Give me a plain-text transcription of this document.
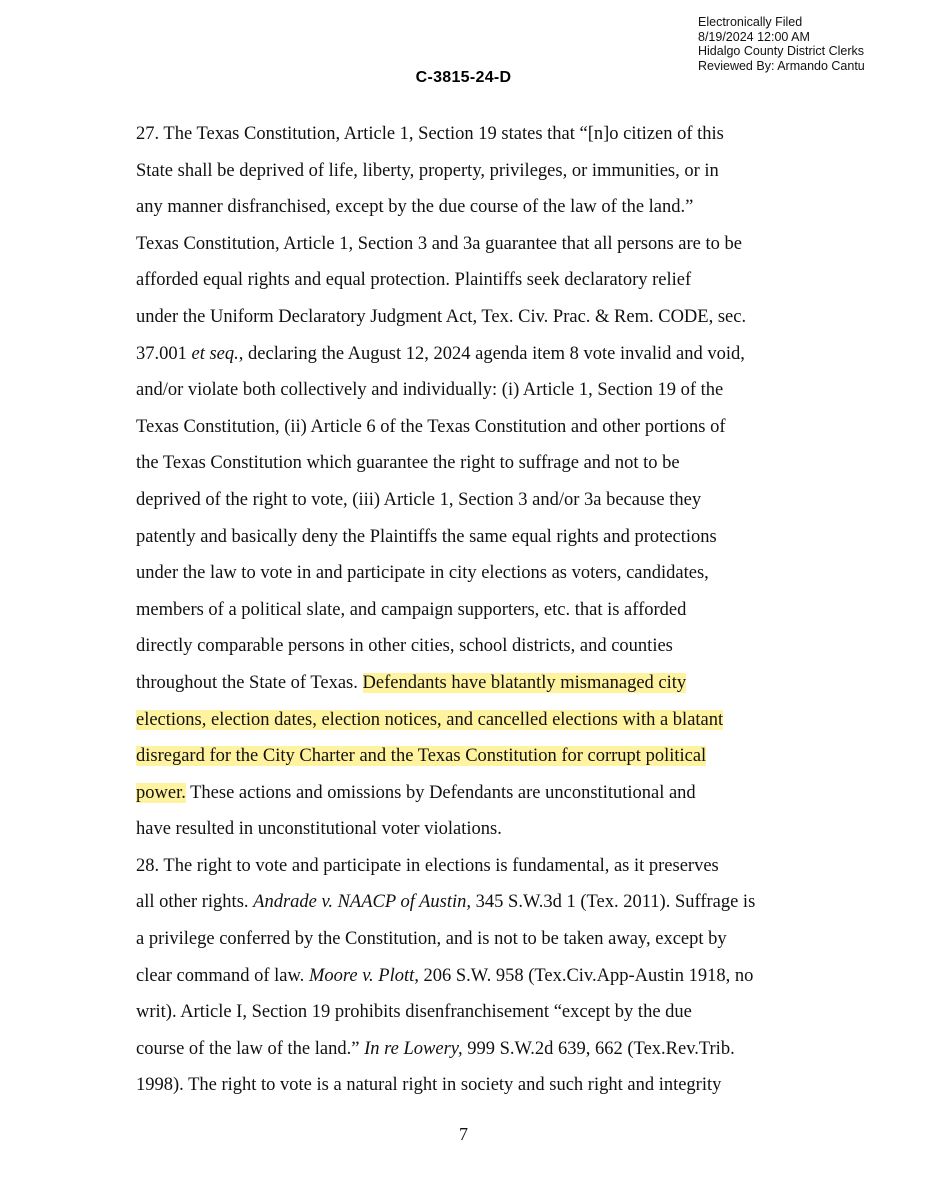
Electronically Filed
8/19/2024 12:00 AM
Hidalgo County District Clerks
Reviewed By: Armando Cantu
C-3815-24-D
27. The Texas Constitution, Article 1, Section 19 states that “[n]o citizen of this
State shall be deprived of life, liberty, property, privileges, or immunities, or in
any manner disfranchised, except by the due course of the law of the land.”
Texas Constitution, Article 1, Section 3 and 3a guarantee that all persons are to be
afforded equal rights and equal protection. Plaintiffs seek declaratory relief
under the Uniform Declaratory Judgment Act, Tex. Civ. Prac. & Rem. CODE, sec.
37.001 et seq., declaring the August 12, 2024 agenda item 8 vote invalid and void,
and/or violate both collectively and individually: (i) Article 1, Section 19 of the
Texas Constitution, (ii) Article 6 of the Texas Constitution and other portions of
the Texas Constitution which guarantee the right to suffrage and not to be
deprived of the right to vote, (iii) Article 1, Section 3 and/or 3a because they
patently and basically deny the Plaintiffs the same equal rights and protections
under the law to vote in and participate in city elections as voters, candidates,
members of a political slate, and campaign supporters, etc. that is afforded
directly comparable persons in other cities, school districts, and counties
throughout the State of Texas. Defendants have blatantly mismanaged city
elections, election dates, election notices, and cancelled elections with a blatant
disregard for the City Charter and the Texas Constitution for corrupt political
power. These actions and omissions by Defendants are unconstitutional and
have resulted in unconstitutional voter violations.
28. The right to vote and participate in elections is fundamental, as it preserves
all other rights. Andrade v. NAACP of Austin, 345 S.W.3d 1 (Tex. 2011). Suffrage is
a privilege conferred by the Constitution, and is not to be taken away, except by
clear command of law. Moore v. Plott, 206 S.W. 958 (Tex.Civ.App-Austin 1918, no
writ). Article I, Section 19 prohibits disenfranchisement “except by the due
course of the law of the land.” In re Lowery, 999 S.W.2d 639, 662 (Tex.Rev.Trib.
1998). The right to vote is a natural right in society and such right and integrity
7
